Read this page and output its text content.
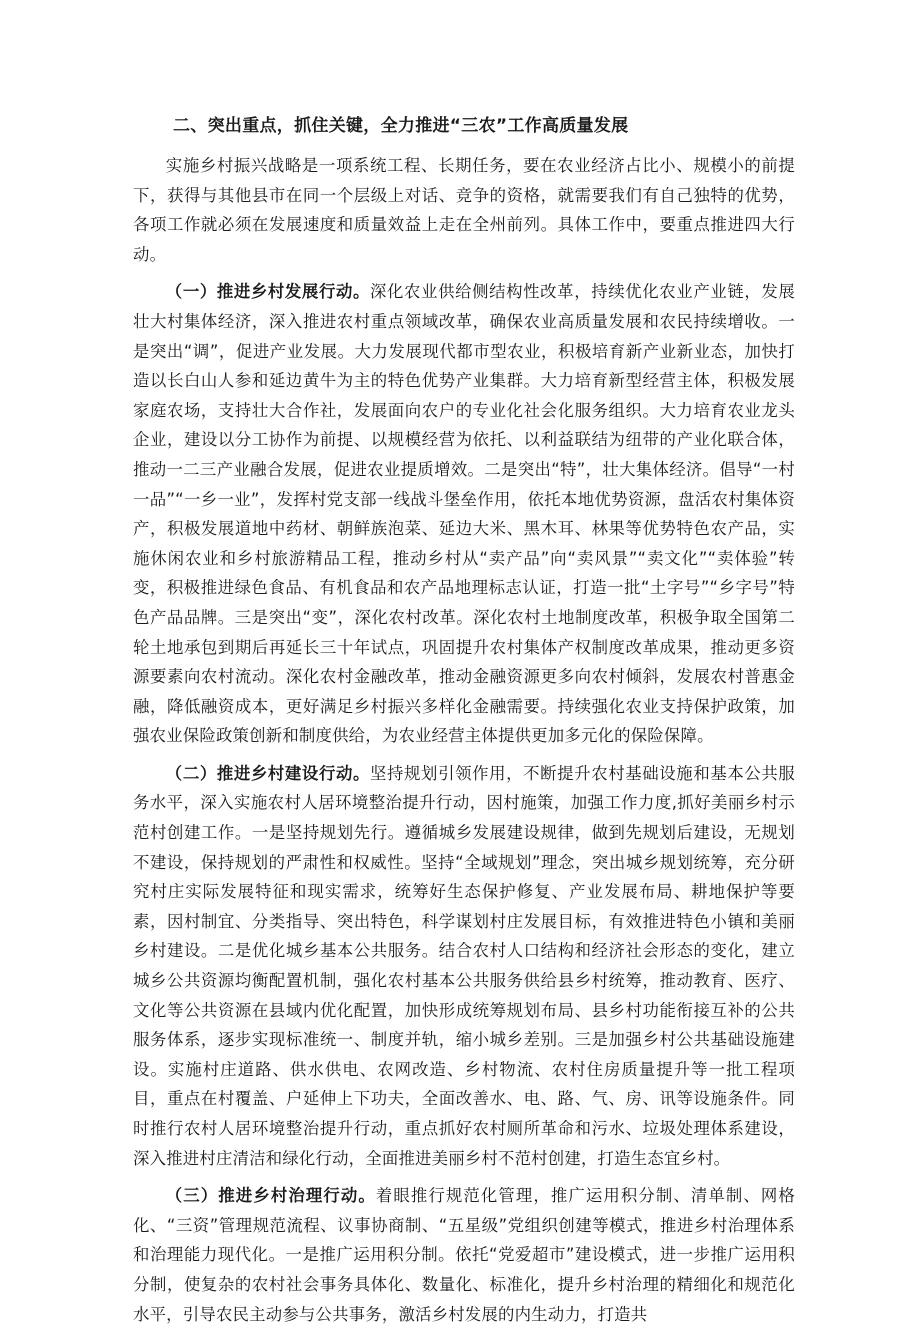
二、突出重点，抓住关键，全力推进“三农”工作高质量发展

实施乡村振兴战略是一项系统工程、长期任务，要在农业经济占比小、规模小的前提下，获得与其他县市在同一个层级上对话、竞争的资格，就需要我们有自己独特的优势，各项工作就必须在发展速度和质量效益上走在全州前列。具体工作中，要重点推进四大行动。

（一）推进乡村发展行动。深化农业供给侧结构性改革，持续优化农业产业链，发展壮大村集体经济，深入推进农村重点领域改革，确保农业高质量发展和农民持续增收。一是突出“调”，促进产业发展。大力发展现代都市型农业，积极培育新产业新业态，加快打造以长白山人参和延边黄牛为主的特色优势产业集群。大力培育新型经营主体，积极发展家庭农场，支持壮大合作社，发展面向农户的专业化社会化服务组织。大力培育农业龙头企业，建设以分工协作为前提、以规模经营为依托、以利益联结为纽带的产业化联合体，推动一二三产业融合发展，促进农业提质增效。二是突出“特”，壮大集体经济。倡导“一村一品”“一乡一业”，发挥村党支部一线战斗堡垒作用，依托本地优势资源，盘活农村集体资产，积极发展道地中药材、朝鲜族泡菜、延边大米、黑木耳、林果等优势特色农产品，实施休闲农业和乡村旅游精品工程，推动乡村从“卖产品”向“卖风景”“卖文化”“卖体验”转变，积极推进绿色食品、有机食品和农产品地理标志认证，打造一批“土字号”“乡字号”特色产品品牌。三是突出“变”，深化农村改革。深化农村土地制度改革，积极争取全国第二轮土地承包到期后再延长三十年试点，巩固提升农村集体产权制度改革成果，推动更多资源要素向农村流动。深化农村金融改革，推动金融资源更多向农村倾斜，发展农村普惠金融，降低融资成本，更好满足乡村振兴多样化金融需要。持续强化农业支持保护政策，加强农业保险政策创新和制度供给，为农业经营主体提供更加多元化的保险保障。

（二）推进乡村建设行动。坚持规划引领作用，不断提升农村基础设施和基本公共服务水平，深入实施农村人居环境整治提升行动，因村施策，加强工作力度,抓好美丽乡村示范村创建工作。一是坚持规划先行。遵循城乡发展建设规律，做到先规划后建设，无规划不建设，保持规划的严肃性和权威性。坚持“全域规划”理念，突出城乡规划统筹，充分研究村庄实际发展特征和现实需求，统筹好生态保护修复、产业发展布局、耕地保护等要素，因村制宜、分类指导、突出特色，科学谋划村庄发展目标，有效推进特色小镇和美丽乡村建设。二是优化城乡基本公共服务。结合农村人口结构和经济社会形态的变化，建立城乡公共资源均衡配置机制，强化农村基本公共服务供给县乡村统筹，推动教育、医疗、文化等公共资源在县域内优化配置，加快形成统筹规划布局、县乡村功能衔接互补的公共服务体系，逐步实现标准统一、制度并轨，缩小城乡差别。三是加强乡村公共基础设施建设。实施村庄道路、供水供电、农网改造、乡村物流、农村住房质量提升等一批工程项目，重点在村覆盖、户延伸上下功夫，全面改善水、电、路、气、房、讯等设施条件。同时推行农村人居环境整治提升行动，重点抓好农村厕所革命和污水、垃圾处理体系建设，深入推进村庄清洁和绿化行动，全面推进美丽乡村不范村创建，打造生态宜乡村。

（三）推进乡村治理行动。着眼推行规范化管理，推广运用积分制、清单制、网格化、“三资”管理规范流程、议事协商制、“五星级”党组织创建等模式，推进乡村治理体系和治理能力现代化。一是推广运用积分制。依托“党爱超市”建设模式，进一步推广运用积分制，使复杂的农村社会事务具体化、数量化、标准化，提升乡村治理的精细化和规范化水平，引导农民主动参与公共事务，激活乡村发展的内生动力，打造共
